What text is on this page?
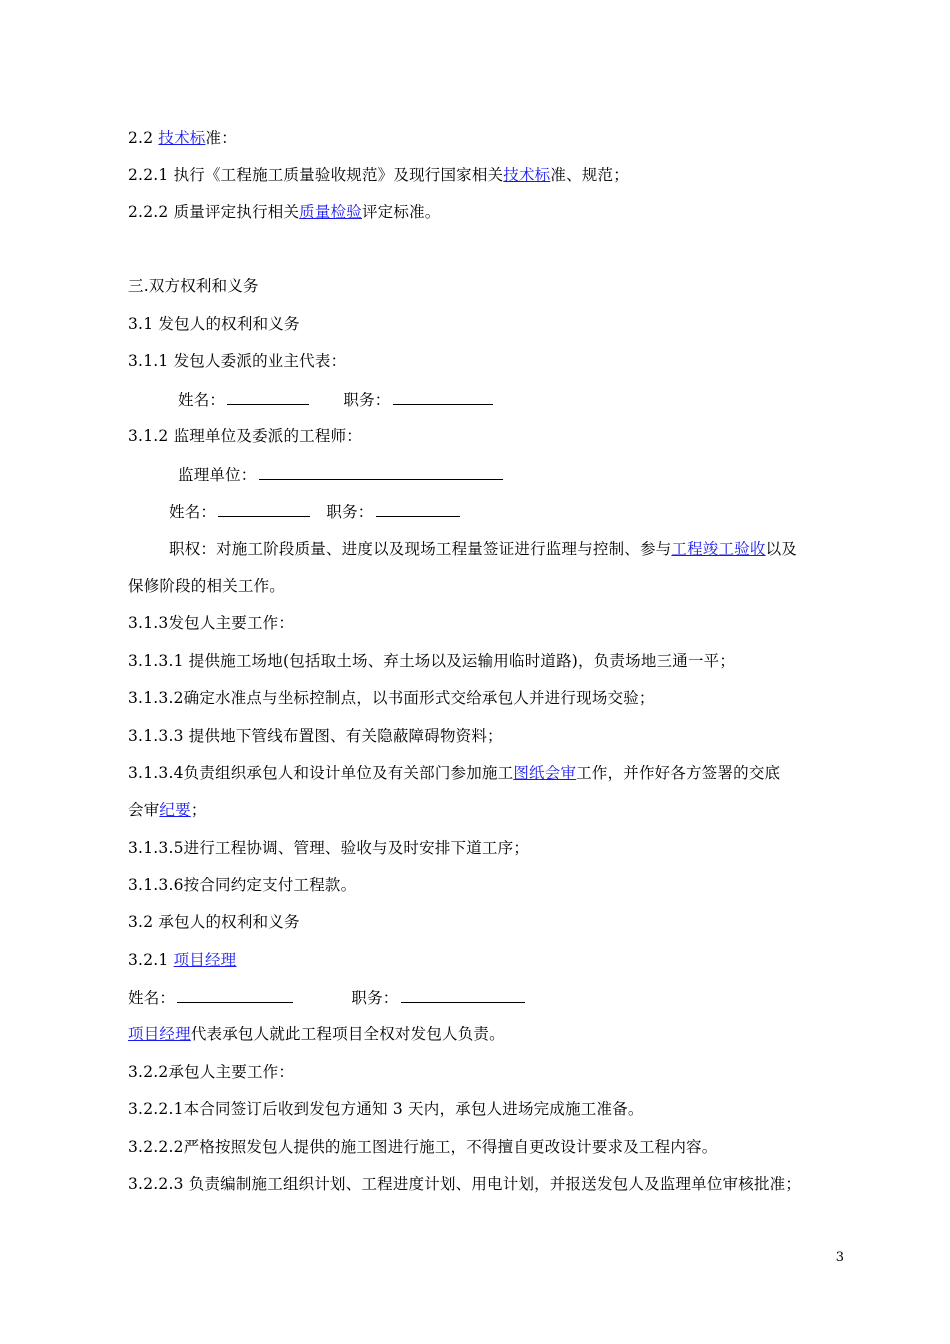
2.2 技术标准：
2.2.1 执行《工程施工质量验收规范》及现行国家相关技术标准、规范；
2.2.2 质量评定执行相关质量检验评定标准。
三.双方权利和义务
3.1 发包人的权利和义务
3.1.1 发包人委派的业主代表：
姓名：	职务：
3.1.2 监理单位及委派的工程师：
监理单位：
姓名：	职务：
职权：对施工阶段质量、进度以及现场工程量签证进行监理与控制、参与工程竣工验收以及
保修阶段的相关工作。
3.1.3发包人主要工作：
3.1.3.1 提供施工场地(包括取土场、弃土场以及运输用临时道路)，负责场地三通一平；
3.1.3.2确定水准点与坐标控制点，以书面形式交给承包人并进行现场交验；
3.1.3.3 提供地下管线布置图、有关隐蔽障碍物资料；
3.1.3.4负责组织承包人和设计单位及有关部门参加施工图纸会审工作，并作好各方签署的交底
会审纪要；
3.1.3.5进行工程协调、管理、验收与及时安排下道工序；
3.1.3.6按合同约定支付工程款。
3.2 承包人的权利和义务
3.2.1 项目经理
姓名：	职务：
项目经理代表承包人就此工程项目全权对发包人负责。
3.2.2承包人主要工作：
3.2.2.1本合同签订后收到发包方通知 3 天内，承包人进场完成施工准备。
3.2.2.2严格按照发包人提供的施工图进行施工，不得擅自更改设计要求及工程内容。
3.2.2.3 负责编制施工组织计划、工程进度计划、用电计划，并报送发包人及监理单位审核批准；
3
